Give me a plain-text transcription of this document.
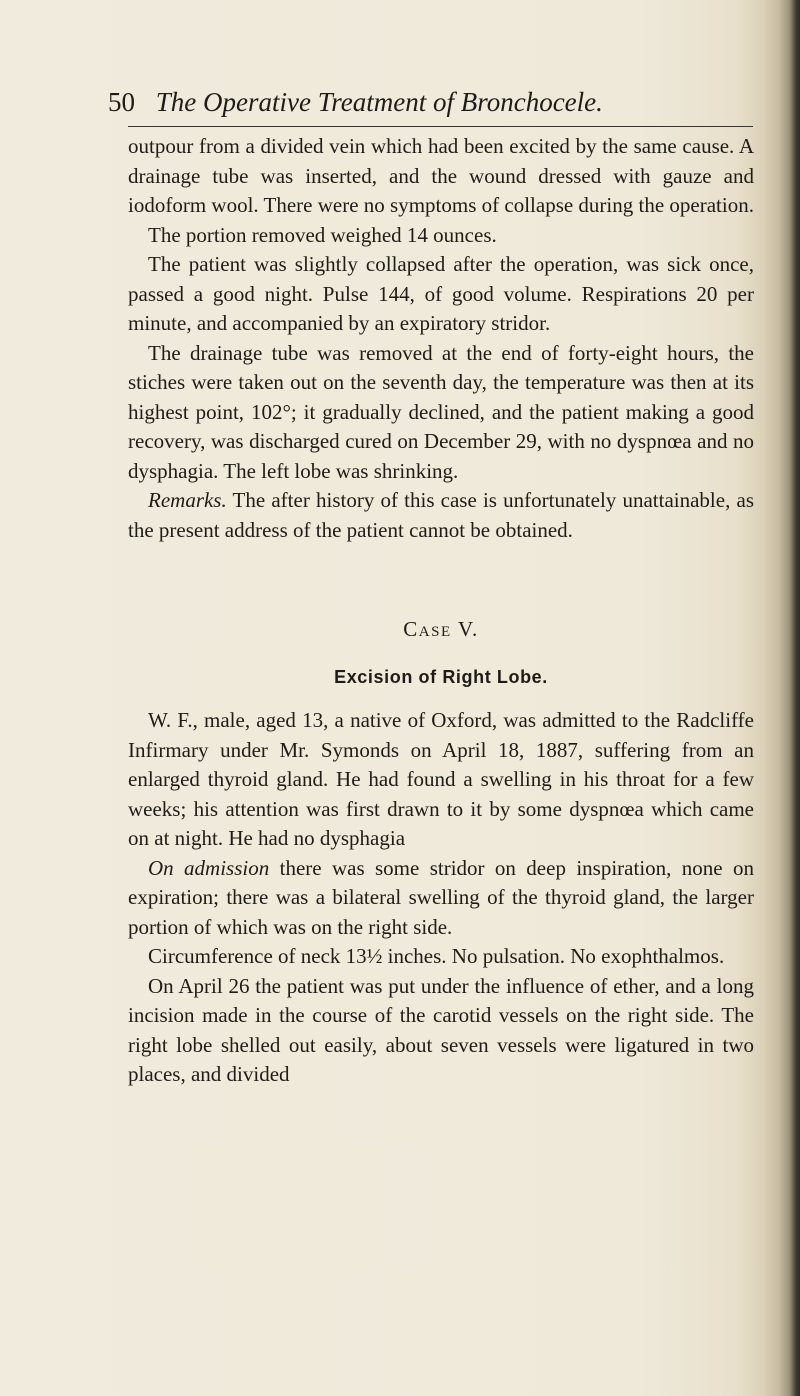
50 The Operative Treatment of Bronchocele.

outpour from a divided vein which had been excited by the same cause. A drainage tube was inserted, and the wound dressed with gauze and iodoform wool. There were no symptoms of collapse during the operation.

The portion removed weighed 14 ounces.

The patient was slightly collapsed after the operation, was sick once, passed a good night. Pulse 144, of good volume. Respirations 20 per minute, and accompanied by an expiratory stridor.

The drainage tube was removed at the end of forty-eight hours, the stiches were taken out on the seventh day, the temperature was then at its highest point, 102°; it gradually declined, and the patient making a good recovery, was discharged cured on December 29, with no dyspnœa and no dysphagia. The left lobe was shrinking.

Remarks. The after history of this case is unfortunately unattainable, as the present address of the patient cannot be obtained.

Case V.
Excision of Right Lobe.

W. F., male, aged 13, a native of Oxford, was admitted to the Radcliffe Infirmary under Mr. Symonds on April 18, 1887, suffering from an enlarged thyroid gland. He had found a swelling in his throat for a few weeks; his attention was first drawn to it by some dyspnœa which came on at night. He had no dysphagia

On admission there was some stridor on deep inspiration, none on expiration; there was a bilateral swelling of the thyroid gland, the larger portion of which was on the right side.

Circumference of neck 13½ inches. No pulsation. No exophthalmos.

On April 26 the patient was put under the influence of ether, and a long incision made in the course of the carotid vessels on the right side. The right lobe shelled out easily, about seven vessels were ligatured in two places, and divided
